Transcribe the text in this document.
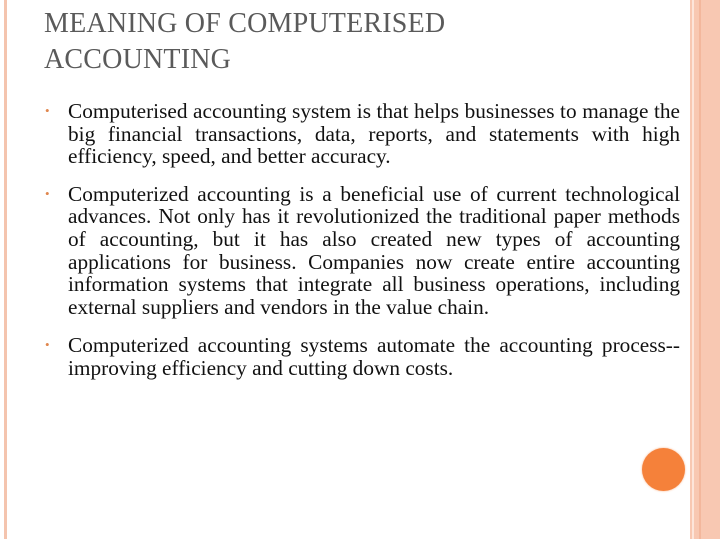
MEANING OF COMPUTERISED
ACCOUNTING
• Computerised accounting system is that helps businesses to manage the big financial transactions, data, reports, and statements with high efficiency, speed, and better accuracy.
• Computerized accounting is a beneficial use of current technological advances. Not only has it revolutionized the traditional paper methods of accounting, but it has also created new types of accounting applications for business. Companies now create entire accounting information systems that integrate all business operations, including external suppliers and vendors in the value chain.
• Computerized accounting systems automate the accounting process--improving efficiency and cutting down costs.
